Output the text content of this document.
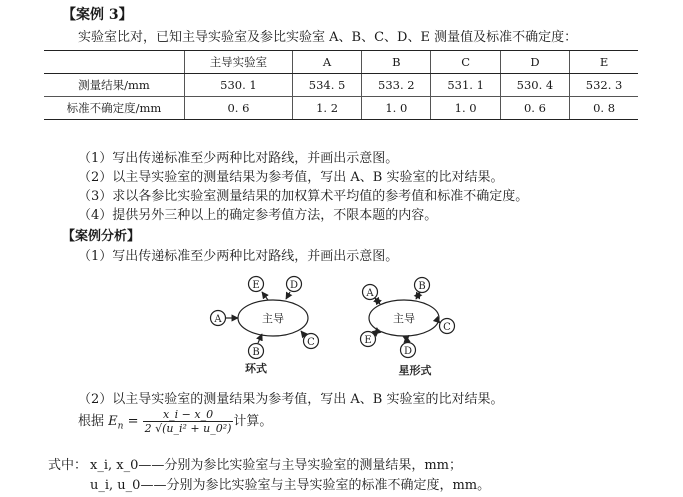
【案例 3】
实验室比对，已知主导实验室及参比实验室 A、B、C、D、E 测量值及标准不确定度：
	主导实验室	A	B	C	D	E
测量结果/mm	530. 1	534. 5	533. 2	531. 1	530. 4	532. 3
标准不确定度/mm	0. 6	1. 2	1. 0	1. 0	0. 6	0. 8
（1）写出传递标准至少两种比对路线，并画出示意图。
（2）以主导实验室的测量结果为参考值，写出 A、B 实验室的比对结果。
（3）求以各参比实验室测量结果的加权算术平均值的参考值和标准不确定度。
（4）提供另外三种以上的确定参考值方法，不限本题的内容。
【案例分析】
（1）写出传递标准至少两种比对路线，并画出示意图。
主导
A
E	D
C
B
环式
主导
A
B
C
D
E
星形式
（2）以主导实验室的测量结果为参考值，写出 A、B 实验室的比对结果。
根据 $E_n = \frac{x\_i - x\_0}{\text{2 √(u\_i² + u\_0²)}}$ 计算。
式中： x_i, x_0——分别为参比实验室与主导实验室的测量结果，mm；
u_i, u_0——分别为参比实验室与主导实验室的标准不确定度，mm。
